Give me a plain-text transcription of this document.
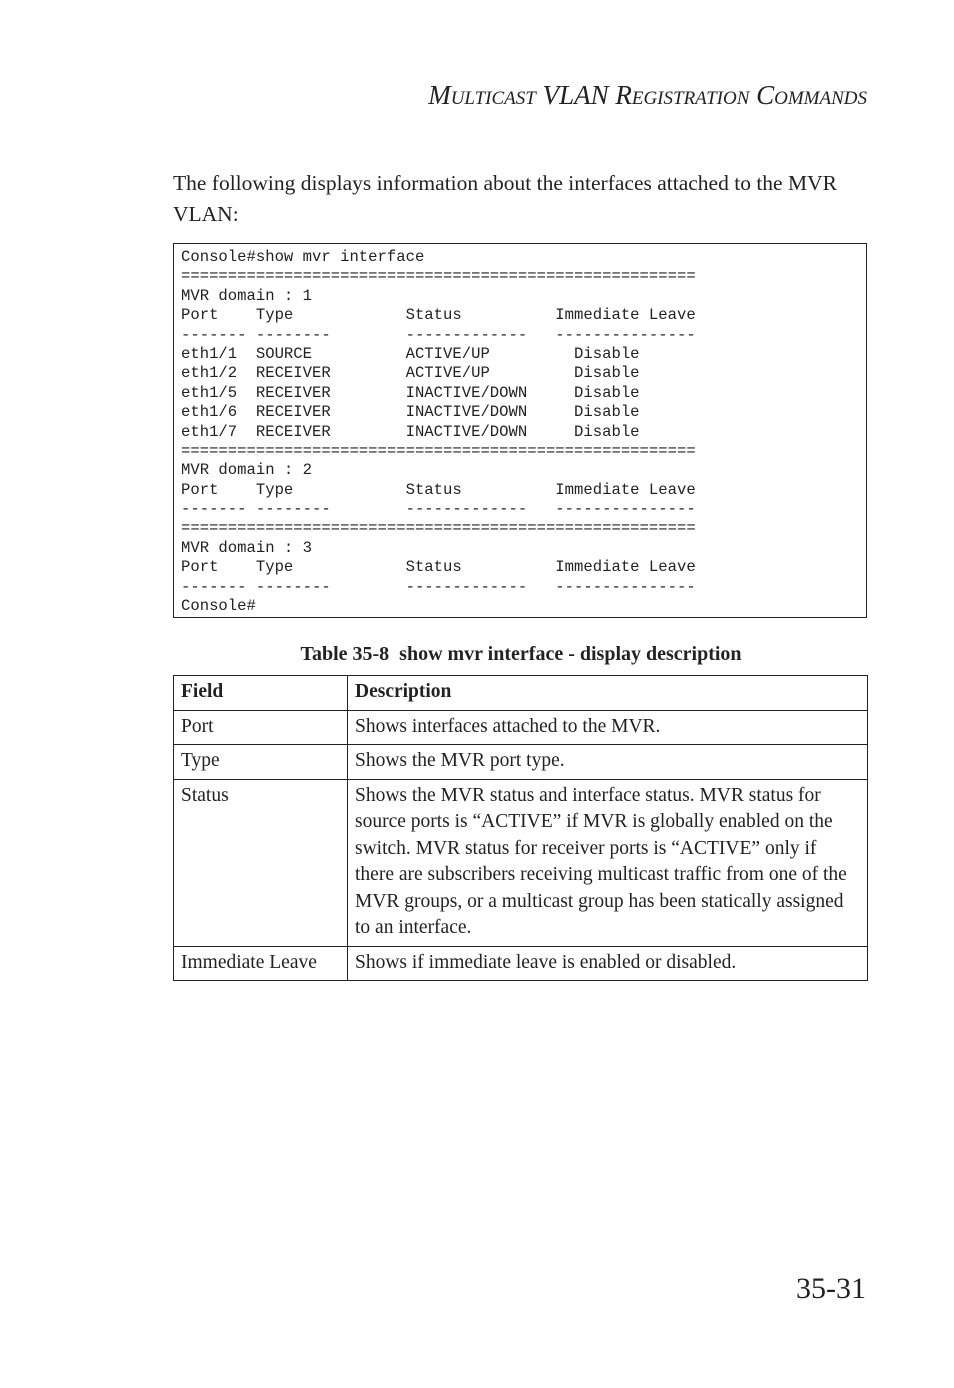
Multicast VLAN Registration Commands

The following displays information about the interfaces attached to the MVR VLAN:

Console#show mvr interface
=======================================================
MVR domain : 1
Port    Type            Status          Immediate Leave
------- --------        -------------   ---------------
eth1/1  SOURCE          ACTIVE/UP         Disable
eth1/2  RECEIVER        ACTIVE/UP         Disable
eth1/5  RECEIVER        INACTIVE/DOWN     Disable
eth1/6  RECEIVER        INACTIVE/DOWN     Disable
eth1/7  RECEIVER        INACTIVE/DOWN     Disable
=======================================================
MVR domain : 2
Port    Type            Status          Immediate Leave
------- --------        -------------   ---------------
=======================================================
MVR domain : 3
Port    Type            Status          Immediate Leave
------- --------        -------------   ---------------
Console#
Table 35-8  show mvr interface - display description
Field	Description
Port	Shows interfaces attached to the MVR.
Type	Shows the MVR port type.
Status	Shows the MVR status and interface status. MVR status for source ports is “ACTIVE” if MVR is globally enabled on the switch. MVR status for receiver ports is “ACTIVE” only if there are subscribers receiving multicast traffic from one of the MVR groups, or a multicast group has been statically assigned to an interface.
Immediate Leave	Shows if immediate leave is enabled or disabled.
35-31
